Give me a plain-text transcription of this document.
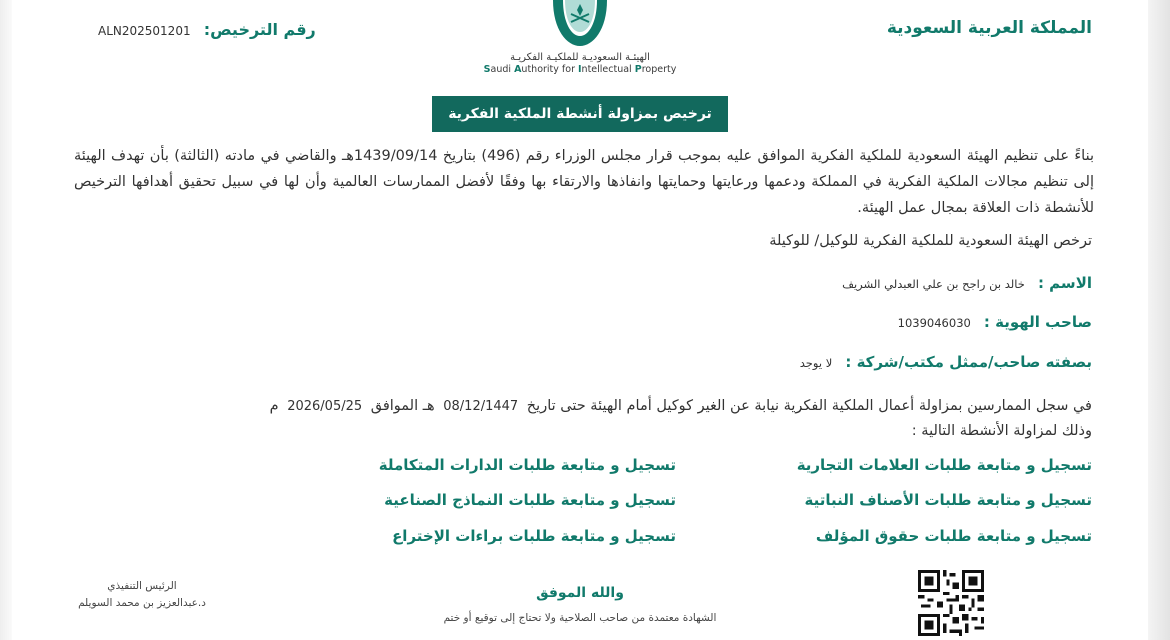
المملكة العربية السعودية
رقم الترخيص: ALN202501201
الهيئـة السعوديـة للملكيـة الفكريـة
Saudi Authority for Intellectual Property
ترخيص بمزاولة أنشطة الملكية الفكرية
بناءً على تنظيم الهيئة السعودية للملكية الفكرية الموافق عليه بموجب قرار مجلس الوزراء رقم (496) بتاريخ 1439/09/14هـ والقاضي في مادته (الثالثة) بأن تهدف الهيئة إلى تنظيم مجالات الملكية الفكرية في المملكة ودعمها ورعايتها وحمايتها وانفاذها والارتقاء بها وفقًا لأفضل الممارسات العالمية وأن لها في سبيل تحقيق أهدافها الترخيص للأنشطة ذات العلاقة بمجال عمل الهيئة.
ترخص الهيئة السعودية للملكية الفكرية للوكيل/ للوكيلة
الاسم : خالد بن راجح بن علي العبدلي الشريف
صاحب الهوية : 1039046030
بصفته صاحب/ممثل مكتب/شركة : لا يوجد
في سجل الممارسين بمزاولة أعمال الملكية الفكرية نيابة عن الغير كوكيل أمام الهيئة حتى تاريخ 08/12/1447 هـ الموافق 2026/05/25 م
وذلك لمزاولة الأنشطة التالية :
تسجيل و متابعة طلبات العلامات التجارية
تسجيل و متابعة طلبات الأصناف النباتية
تسجيل و متابعة طلبات حقوق المؤلف
تسجيل و متابعة طلبات الدارات المتكاملة
تسجيل و متابعة طلبات النماذج الصناعية
تسجيل و متابعة طلبات براءات الإختراع
والله الموفق
الشهادة معتمدة من صاحب الصلاحية ولا تحتاج إلى توقيع أو ختم
الرئيس التنفيذي
د.عبدالعزيز بن محمد السويلم
